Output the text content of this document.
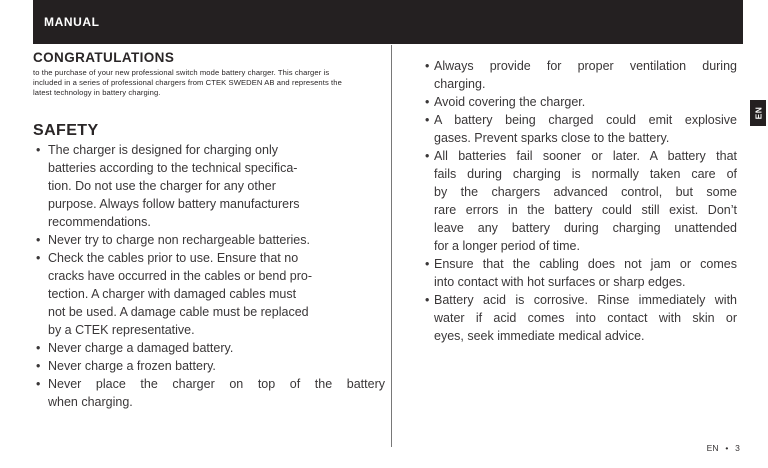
MANUAL
CONGRATULATIONS
to the purchase of your new professional switch mode battery charger. This charger is
included in a series of professional chargers from CTEK SWEDEN AB and represents the
latest technology in battery charging.
SAFETY
• The charger is designed for charging only
batteries according to the technical specifica-
tion. Do not use the charger for any other
purpose. Always follow battery manufacturers
recommendations.
• Never try to charge non rechargeable batteries.
• Check the cables prior to use. Ensure that no
cracks have occurred in the cables or bend pro-
tection. A charger with damaged cables must
not be used. A damage cable must be replaced
by a CTEK representative.
• Never charge a damaged battery.
• Never charge a frozen battery.
• Never place the charger on top of the battery
when charging.
• Always provide for proper ventilation during
charging.
• Avoid covering the charger.
• A battery being charged could emit explosive
gases. Prevent sparks close to the battery.
• All batteries fail sooner or later. A battery that
fails during charging is normally taken care of
by the chargers advanced control, but some
rare errors in the battery could still exist. Don’t
leave any battery during charging unattended
for a longer period of time.
• Ensure that the cabling does not jam or comes
into contact with hot surfaces or sharp edges.
• Battery acid is corrosive. Rinse immediately with
water if acid comes into contact with skin or
eyes, seek immediate medical advice.
EN
EN • 3
